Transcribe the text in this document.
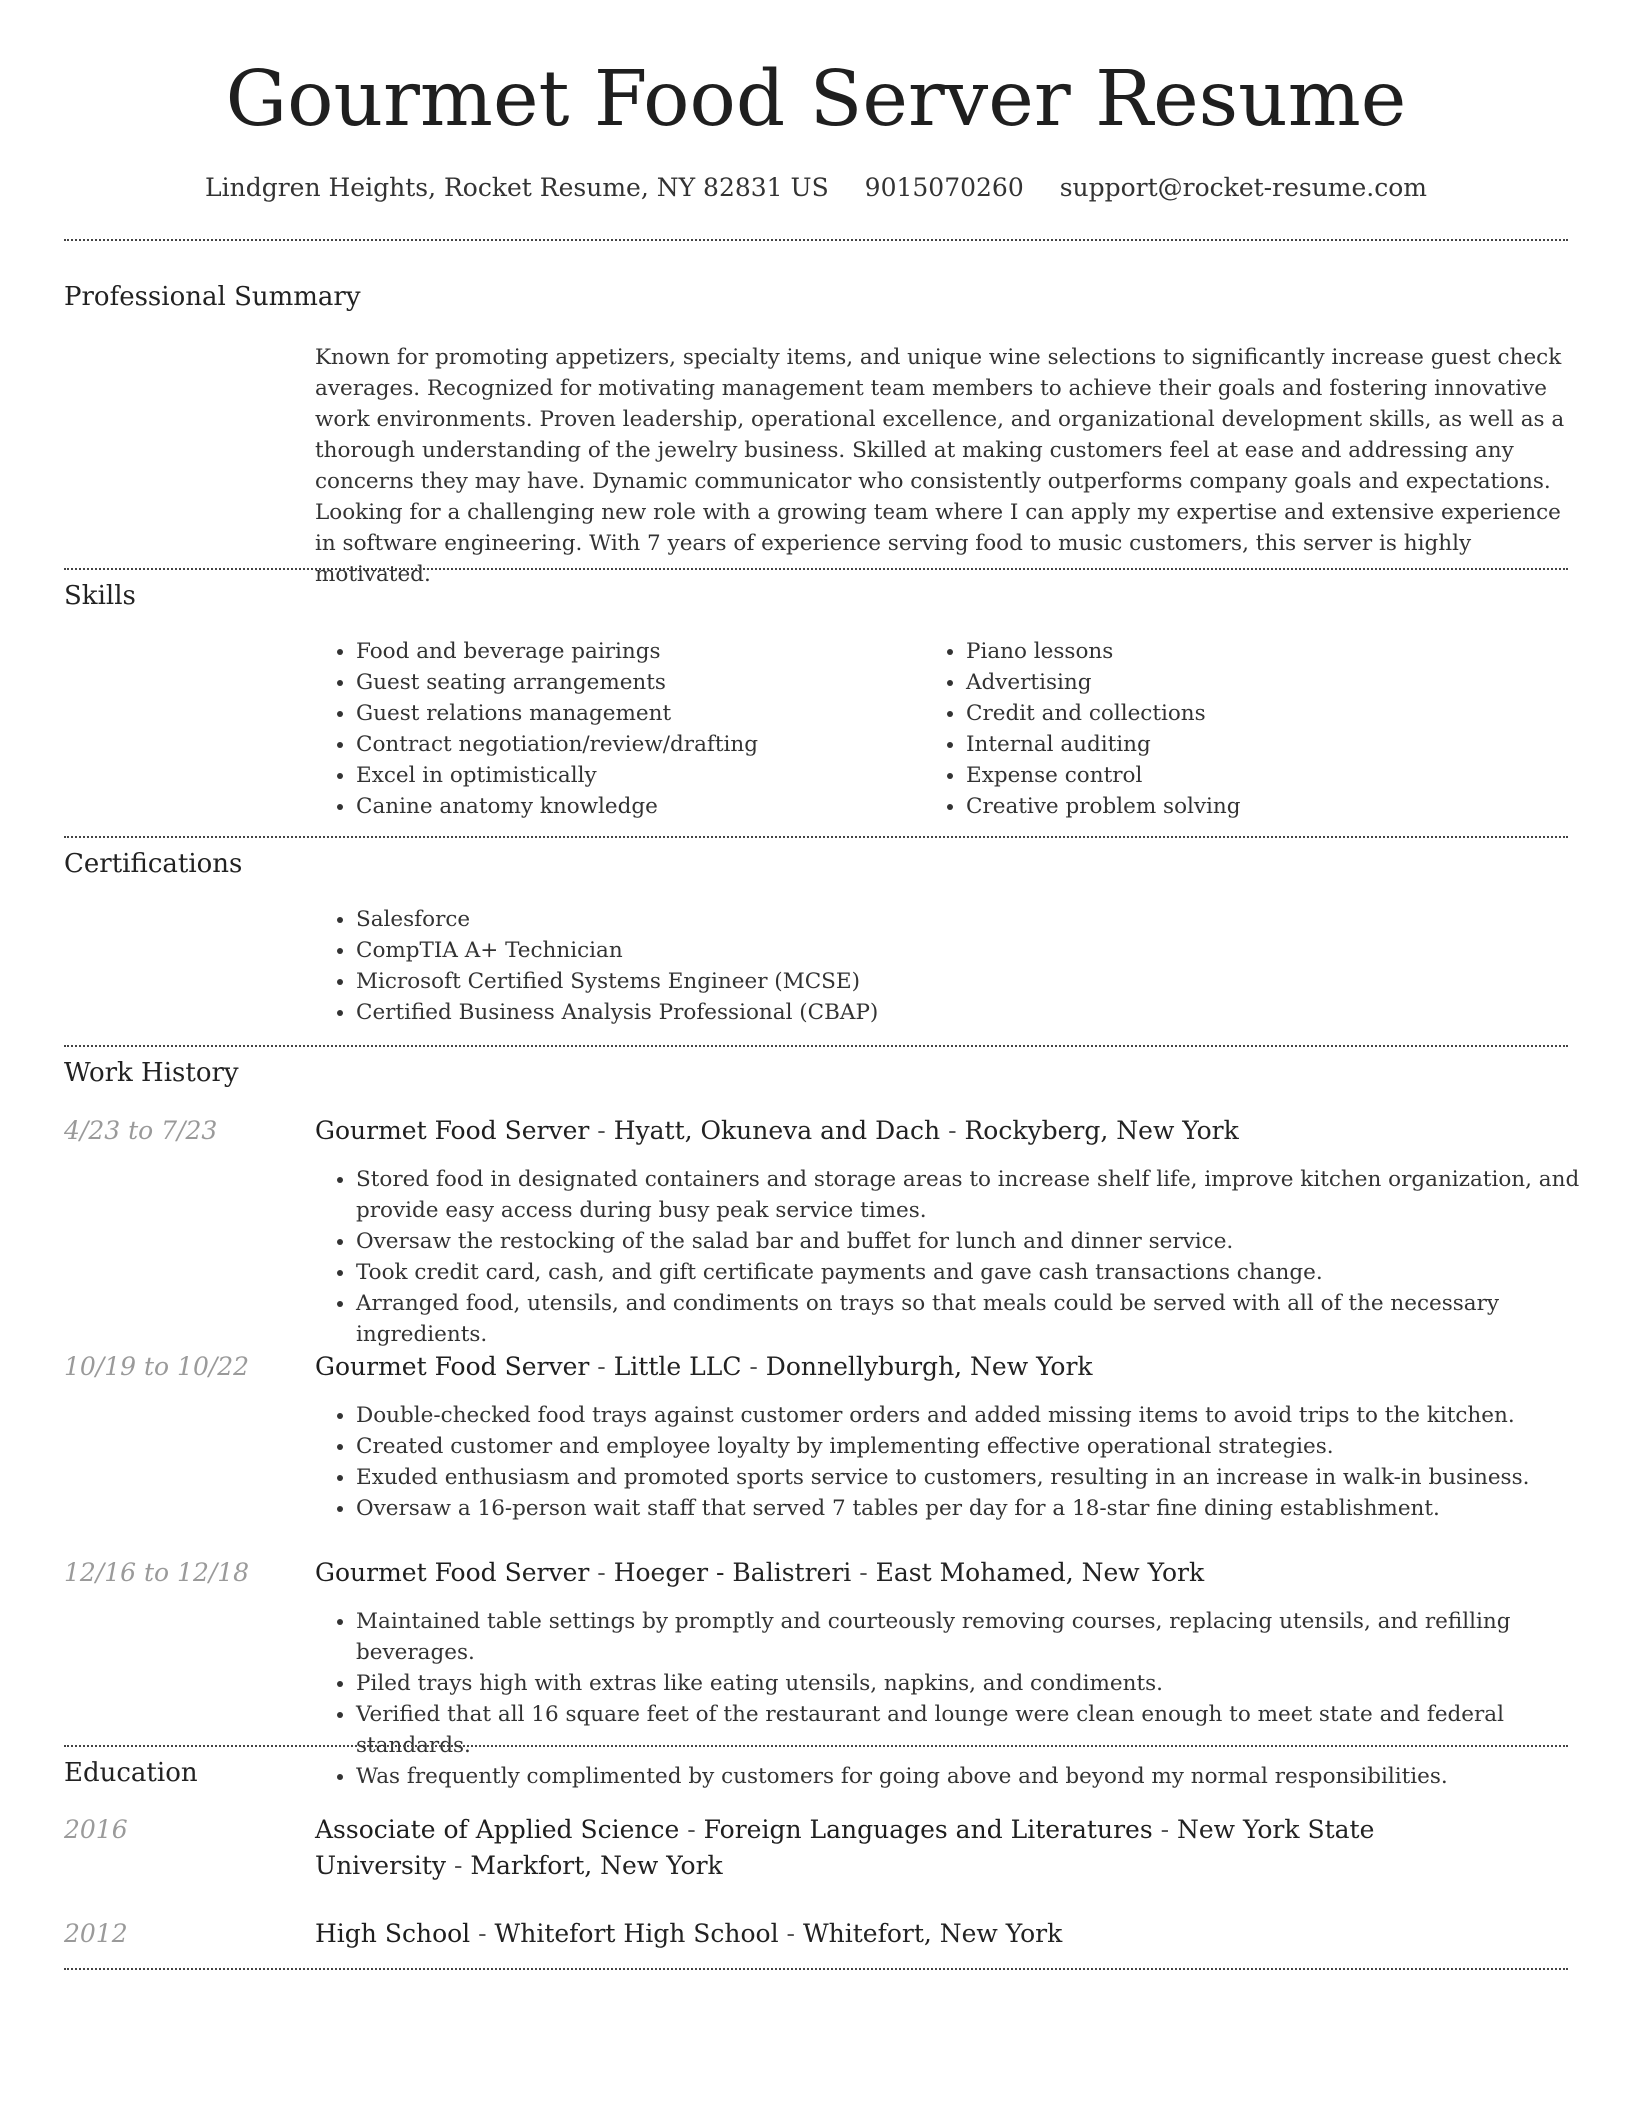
Gourmet Food Server Resume
Lindgren Heights, Rocket Resume, NY 82831 US 9015070260 support@rocket-resume.com
Professional Summary
Known for promoting appetizers, specialty items, and unique wine selections to significantly increase guest check averages. Recognized for motivating management team members to achieve their goals and fostering innovative work environments. Proven leadership, operational excellence, and organizational development skills, as well as a thorough understanding of the jewelry business. Skilled at making customers feel at ease and addressing any concerns they may have. Dynamic communicator who consistently outperforms company goals and expectations. Looking for a challenging new role with a growing team where I can apply my expertise and extensive experience in software engineering. With 7 years of experience serving food to music customers, this server is highly motivated.
Skills
• Food and beverage pairings
• Guest seating arrangements
• Guest relations management
• Contract negotiation/review/drafting
• Excel in optimistically
• Canine anatomy knowledge
• Piano lessons
• Advertising
• Credit and collections
• Internal auditing
• Expense control
• Creative problem solving
Certifications
• Salesforce
• CompTIA A+ Technician
• Microsoft Certified Systems Engineer (MCSE)
• Certified Business Analysis Professional (CBAP)
Work History
4/23 to 7/23	Gourmet Food Server - Hyatt, Okuneva and Dach - Rockyberg, New York
• Stored food in designated containers and storage areas to increase shelf life, improve kitchen organization, and provide easy access during busy peak service times.
• Oversaw the restocking of the salad bar and buffet for lunch and dinner service.
• Took credit card, cash, and gift certificate payments and gave cash transactions change.
• Arranged food, utensils, and condiments on trays so that meals could be served with all of the necessary ingredients.
10/19 to 10/22	Gourmet Food Server - Little LLC - Donnellyburgh, New York
• Double-checked food trays against customer orders and added missing items to avoid trips to the kitchen.
• Created customer and employee loyalty by implementing effective operational strategies.
• Exuded enthusiasm and promoted sports service to customers, resulting in an increase in walk-in business.
• Oversaw a 16-person wait staff that served 7 tables per day for a 18-star fine dining establishment.
12/16 to 12/18	Gourmet Food Server - Hoeger - Balistreri - East Mohamed, New York
• Maintained table settings by promptly and courteously removing courses, replacing utensils, and refilling beverages.
• Piled trays high with extras like eating utensils, napkins, and condiments.
• Verified that all 16 square feet of the restaurant and lounge were clean enough to meet state and federal standards.
• Was frequently complimented by customers for going above and beyond my normal responsibilities.
Education
2016	Associate of Applied Science - Foreign Languages and Literatures - New York State University - Markfort, New York
2012	High School - Whitefort High School - Whitefort, New York
